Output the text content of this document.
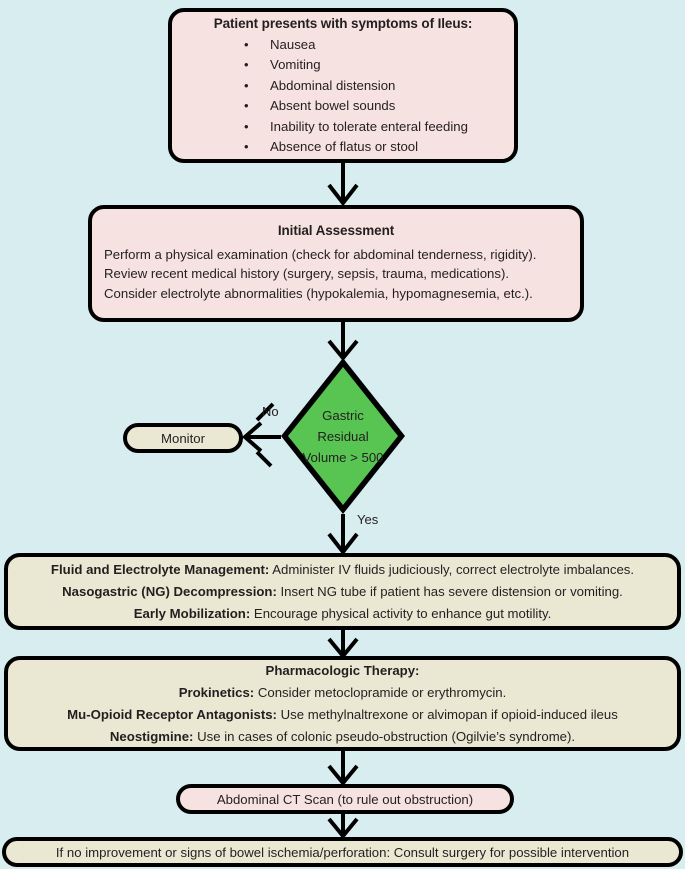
Patient presents with symptoms of Ileus:
• Nausea
• Vomiting
• Abdominal distension
• Absent bowel sounds
• Inability to tolerate enteral feeding
• Absence of flatus or stool
Initial Assessment
Perform a physical examination (check for abdominal tenderness, rigidity).
Review recent medical history (surgery, sepsis, trauma, medications).
Consider electrolyte abnormalities (hypokalemia, hypomagnesemia, etc.).
Gastric
Residual
Volume > 500
No
Yes
Monitor
Fluid and Electrolyte Management: Administer IV fluids judiciously, correct electrolyte imbalances.
Nasogastric (NG) Decompression: Insert NG tube if patient has severe distension or vomiting.
Early Mobilization: Encourage physical activity to enhance gut motility.
Pharmacologic Therapy:
Prokinetics: Consider metoclopramide or erythromycin.
Mu-Opioid Receptor Antagonists: Use methylnaltrexone or alvimopan if opioid-induced ileus
Neostigmine: Use in cases of colonic pseudo-obstruction (Ogilvie’s syndrome).
Abdominal CT Scan (to rule out obstruction)
If no improvement or signs of bowel ischemia/perforation: Consult surgery for possible intervention
